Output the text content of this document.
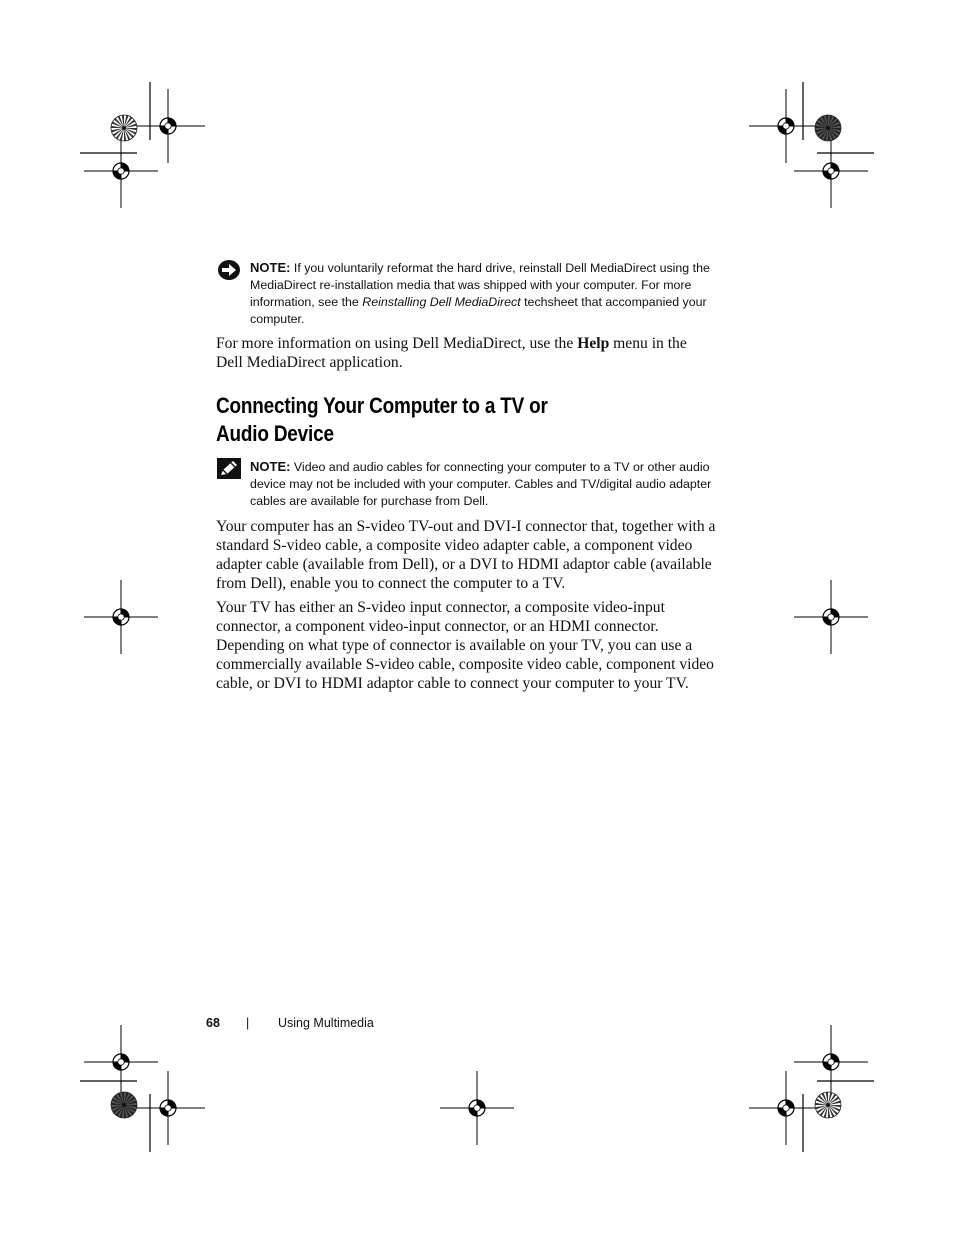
NOTE: If you voluntarily reformat the hard drive, reinstall Dell MediaDirect using the MediaDirect re-installation media that was shipped with your computer. For more information, see the Reinstalling Dell MediaDirect techsheet that accompanied your computer.

For more information on using Dell MediaDirect, use the Help menu in the Dell MediaDirect application.

Connecting Your Computer to a TV or
Audio Device
NOTE: Video and audio cables for connecting your computer to a TV or other audio device may not be included with your computer. Cables and TV/digital audio adapter cables are available for purchase from Dell.

Your computer has an S-video TV-out and DVI-I connector that, together with a standard S-video cable, a composite video adapter cable, a component video adapter cable (available from Dell), or a DVI to HDMI adaptor cable (available from Dell), enable you to connect the computer to a TV.

Your TV has either an S-video input connector, a composite video-input connector, a component video-input connector, or an HDMI connector. Depending on what type of connector is available on your TV, you can use a commercially available S-video cable, composite video cable, component video cable, or DVI to HDMI adaptor cable to connect your computer to your TV.

68 | Using Multimedia
